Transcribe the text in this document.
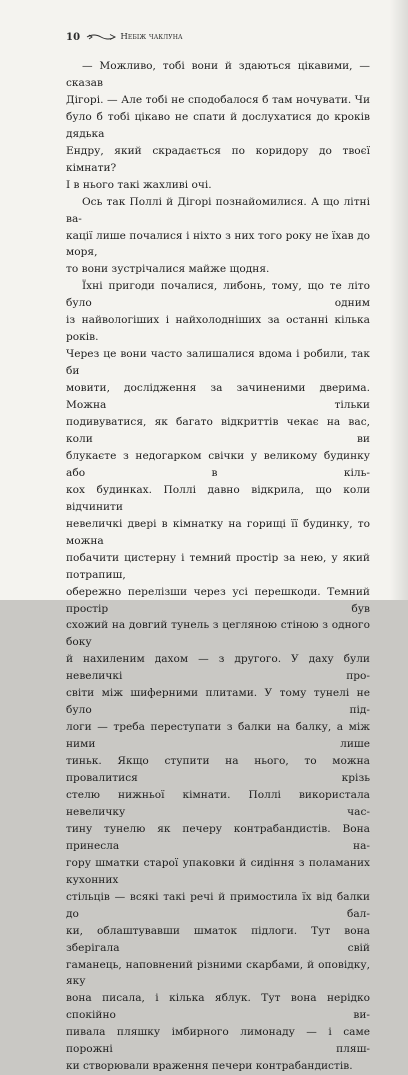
10	Небіж чаклуна

— Можливо, тобі вони й здаються цікавими, — сказав

Дігорі. — Але тобі не сподобалося б там ночувати. Чи

було б тобі цікаво не спати й дослухатися до кроків дядька

Ендру, який скрадається по коридору до твоєї кімнати?

І в нього такі жахливі очі.

Ось так Поллі й Дігорі познайомилися. А що літні ва-

кації лише почалися і ніхто з них того року не їхав до моря,

то вони зустрічалися майже щодня.

Їхні пригоди почалися, либонь, тому, що те літо було одним

із найвологіших і найхолодніших за останні кілька років.

Через це вони часто залишалися вдома і робили, так би

мовити, дослідження за зачиненими дверима. Можна тільки

подивуватися, як багато відкриттів чекає на вас, коли ви

блукаєте з недогарком свічки у великому будинку або в кіль-

кох будинках. Поллі давно відкрила, що коли відчинити

невеличкі двері в кімнатку на горищі її будинку, то можна

побачити цистерну і темний простір за нею, у який потрапиш,

обережно перелізши через усі перешкоди. Темний простір був

схожий на довгий тунель з цегляною стіною з одного боку

й нахиленим дахом — з другого. У даху були невеличкі про-

світи між шиферними плитами. У тому тунелі не було під-

логи — треба переступати з балки на балку, а між ними лише

тиньк. Якщо ступити на нього, то можна провалитися крізь

стелю нижньої кімнати. Поллі використала невеличку час-

тину тунелю як печеру контрабандистів. Вона принесла на-

гору шматки старої упаковки й сидіння з поламаних кухонних

стільців — всякі такі речі й примостила їх від балки до бал-

ки, облаштувавши шматок підлоги. Тут вона зберігала свій

гаманець, наповнений різними скарбами, й оповідку, яку

вона писала, і кілька яблук. Тут вона нерідко спокійно ви-

пивала пляшку імбирного лимонаду — і саме порожні пляш-

ки створювали враження печери контрабандистів.
